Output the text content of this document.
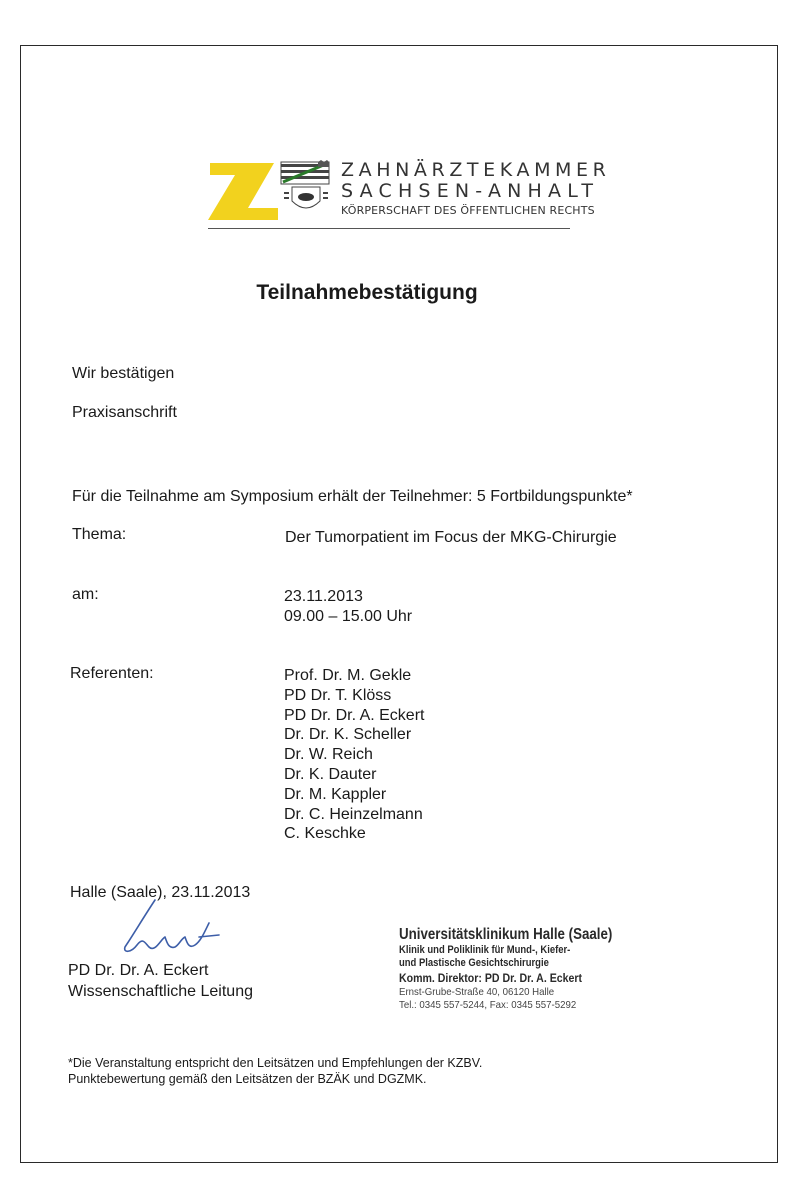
ZAHNÄRZTEKAMMER
SACHSEN-ANHALT
KÖRPERSCHAFT DES ÖFFENTLICHEN RECHTS
Teilnahmebestätigung
Wir bestätigen
Praxisanschrift
Für die Teilnahme am Symposium erhält der Teilnehmer: 5 Fortbildungspunkte*
Thema:	Der Tumorpatient im Focus der MKG-Chirurgie
am:	23.11.2013
09.00 – 15.00 Uhr
Referenten:	Prof. Dr. M. Gekle
PD Dr. T. Klöss
PD Dr. Dr. A. Eckert
Dr. Dr. K. Scheller
Dr. W. Reich
Dr. K. Dauter
Dr. M. Kappler
Dr. C. Heinzelmann
C. Keschke
Halle (Saale), 23.11.2013
PD Dr. Dr. A. Eckert
Wissenschaftliche Leitung
Universitätsklinikum Halle (Saale)
Klinik und Poliklinik für Mund-, Kiefer-
und Plastische Gesichtschirurgie
Komm. Direktor: PD Dr. Dr. A. Eckert
Ernst-Grube-Straße 40, 06120 Halle
Tel.: 0345 557-5244, Fax: 0345 557-5292
*Die Veranstaltung entspricht den Leitsätzen und Empfehlungen der KZBV.
Punktebewertung gemäß den Leitsätzen der BZÄK und DGZMK.
